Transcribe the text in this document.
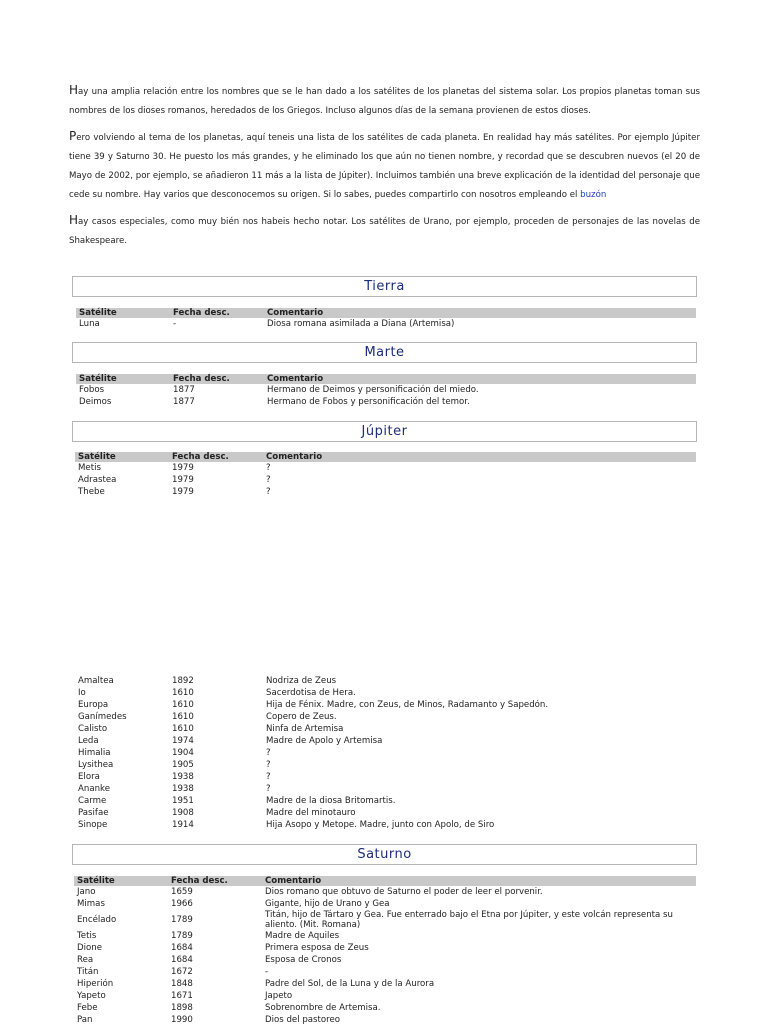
Hay una amplia relación entre los nombres que se le han dado a los satélites de los planetas del sistema solar. Los propios planetas toman sus nombres de los dioses romanos, heredados de los Griegos. Incluso algunos días de la semana provienen de estos dioses.

Pero volviendo al tema de los planetas, aquí teneis una lista de los satélites de cada planeta. En realidad hay más satélites. Por ejemplo Júpiter tiene 39 y Saturno 30. He puesto los más grandes, y he eliminado los que aún no tienen nombre, y recordad que se descubren nuevos (el 20 de Mayo de 2002, por ejemplo, se añadieron 11 más a la lista de Júpiter). Incluimos también una breve explicación de la identidad del personaje que cede su nombre. Hay varios que desconocemos su origen. Si lo sabes, puedes compartirlo con nosotros empleando el buzón

Hay casos especiales, como muy bién nos habeis hecho notar. Los satélites de Urano, por ejemplo, proceden de personajes de las novelas de Shakespeare.

Tierra
Satélite	Fecha desc.	Comentario
Luna	-	Diosa romana asimilada a Diana (Artemisa)
Marte
Satélite	Fecha desc.	Comentario
Fobos	1877	Hermano de Deimos y personificación del miedo.
Deimos	1877	Hermano de Fobos y personificación del temor.
Júpiter
Satélite	Fecha desc.	Comentario
Metis	1979	?
Adrastea	1979	?
Thebe	1979	?
Amaltea	1892	Nodriza de Zeus
Io	1610	Sacerdotisa de Hera.
Europa	1610	Hija de Fénix. Madre, con Zeus, de Minos, Radamanto y Sapedón.
Ganímedes	1610	Copero de Zeus.
Calisto	1610	Ninfa de Artemisa
Leda	1974	Madre de Apolo y Artemisa
Himalia	1904	?
Lysithea	1905	?
Elora	1938	?
Ananke	1938	?
Carme	1951	Madre de la diosa Britomartis.
Pasifae	1908	Madre del minotauro
Sinope	1914	Hija Asopo y Metope. Madre, junto con Apolo, de Siro
Saturno
Satélite	Fecha desc.	Comentario
Jano	1659	Dios romano que obtuvo de Saturno el poder de leer el porvenir.
Mimas	1966	Gigante, hijo de Urano y Gea
Encélado	1789	Titán, hijo de Tártaro y Gea. Fue enterrado bajo el Etna por Júpiter, y este volcán representa su aliento. (Mit. Romana)
Tetis	1789	Madre de Aquiles
Dione	1684	Primera esposa de Zeus
Rea	1684	Esposa de Cronos
Titán	1672	-
Hiperión	1848	Padre del Sol, de la Luna y de la Aurora
Yapeto	1671	Japeto
Febe	1898	Sobrenombre de Artemisa.
Pan	1990	Dios del pastoreo
